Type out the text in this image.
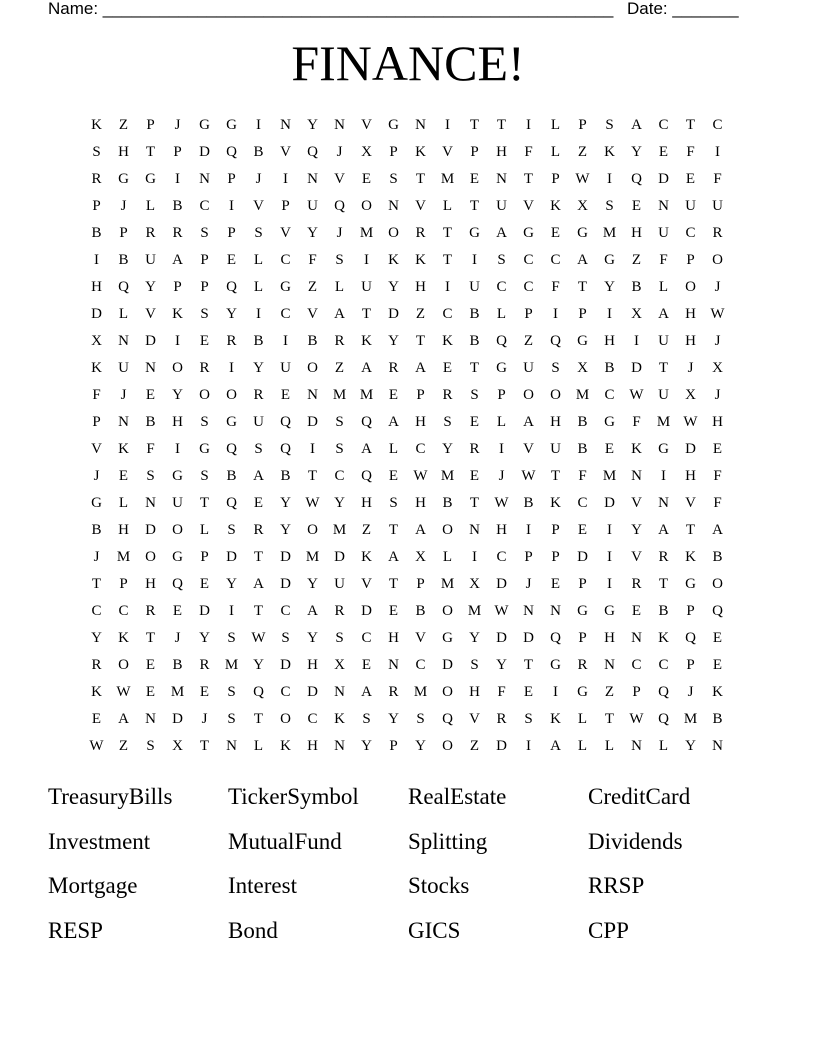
Name: ______________________________________________________ Date: _______
FINANCE!
K	Z	P	J	G	G	I	N	Y	N	V	G	N	I	T	T	I	L	P	S	A	C	T	C
S	H	T	P	D	Q	B	V	Q	J	X	P	K	V	P	H	F	L	Z	K	Y	E	F	I
R	G	G	I	N	P	J	I	N	V	E	S	T	M	E	N	T	P	W	I	Q	D	E	F
P	J	L	B	C	I	V	P	U	Q	O	N	V	L	T	U	V	K	X	S	E	N	U	U
B	P	R	R	S	P	S	V	Y	J	M O	R	T	G	A	G	E	G M H	U	C	R
I	B	U	A	P	E	L	C	F	S	I	K	K	T	I	S	C	C	A	G	Z	F	P	O
H	Q	Y	P	P	Q	L	G	Z	L	U	Y	H	I	U	C	C	F	T	Y	B	L	O	J
D	L	V	K	S	Y	I	C	V	A	T	D	Z	C	B	L	P	I	P	I	X	A	H W
X	N	D	I	E	R	B	I	B	R	K	Y	T	K	B	Q	Z	Q	G	H	I	U	H	J
K	U	N	O	R	I	Y	U	O	Z	A	R	A	E	T	G	U	S	X	B	D	T	J	X
F	J	E	Y	O	O	R	E	N M M	E	P	R	S	P	O	O M	C W U	X	J
P	N	B	H	S	G	U	Q	D	S	Q	A	H	S	E	L	A	H	B	G	F	M W H
V	K	F	I	G	Q	S	Q	I	S	A	L	C	Y	R	I	V	U	B	E	K	G	D	E
J	E	S	G	S	B	A	B	T	C	Q	E	W M	E	J	W	T	F	M N	I	H	F
G	L	N	U	T	Q	E	Y W Y	H	S	H	B	T	W B	K	C	D	V	N	V	F
B	H	D	O	L	S	R	Y	O M	Z	T	A	O	N	H	I	P	E	I	Y	A	T	A
J	M O	G	P	D	T	D M D	K	A	X	L	I	C	P	P	D	I	V	R	K	B
T	P	H	Q	E	Y	A	D	Y	U	V	T	P	M X	D	J	E	P	I	R	T	G	O
C	C	R	E	D	I	T	C	A	R	D	E	B	O M W N	N	G	G	E	B	P	Q
Y	K	T	J	Y	S	W	S	Y	S	C	H	V	G	Y	D	D	Q	P	H	N	K	Q	E
R	O	E	B	R	M Y	D	H	X	E	N	C	D	S	Y	T	G	R	N	C	C	P	E
K W	E	M	E	S	Q	C	D	N	A	R	M O	H	F	E	I	G	Z	P	Q	J	K
E	A	N	D	J	S	T	O	C	K	S	Y	S	Q	V	R	S	K	L	T	W Q M	B
W	Z	S	X	T	N	L	K	H	N	Y	P	Y	O	Z	D	I	A	L	L	N	L	Y	N
TreasuryBills	TickerSymbol	RealEstate	CreditCard
Investment	MutualFund	Splitting	Dividends
Mortgage	Interest	Stocks	RRSP
RESP	Bond	GICS	CPP
